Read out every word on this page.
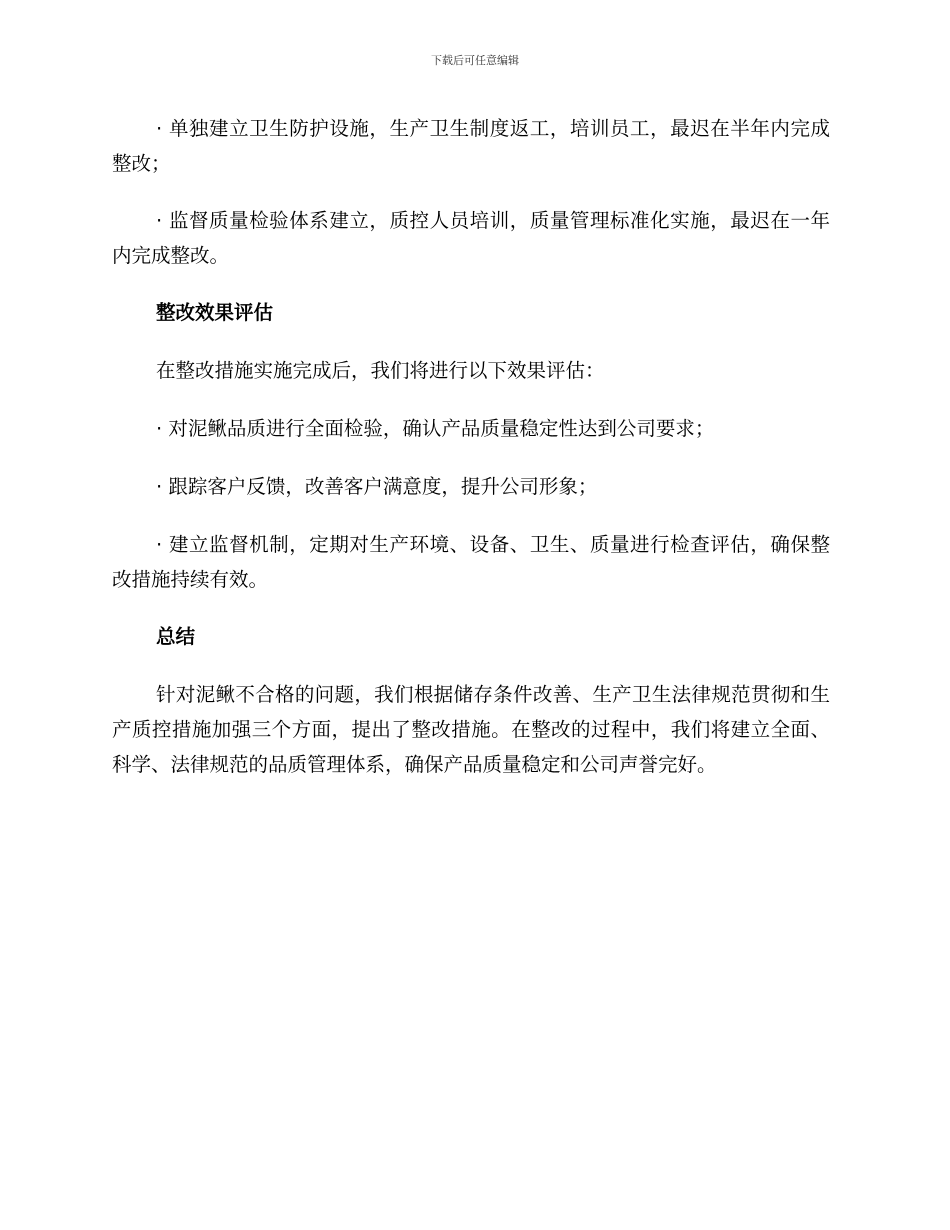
下载后可任意编辑

· 单独建立卫生防护设施，生产卫生制度返工，培训员工，最迟在半年内完成整改；

· 监督质量检验体系建立，质控人员培训，质量管理标准化实施，最迟在一年内完成整改。

整改效果评估

在整改措施实施完成后，我们将进行以下效果评估：

· 对泥鳅品质进行全面检验，确认产品质量稳定性达到公司要求；

· 跟踪客户反馈，改善客户满意度，提升公司形象；

· 建立监督机制，定期对生产环境、设备、卫生、质量进行检查评估，确保整改措施持续有效。

总结

针对泥鳅不合格的问题，我们根据储存条件改善、生产卫生法律规范贯彻和生产质控措施加强三个方面，提出了整改措施。在整改的过程中，我们将建立全面、科学、法律规范的品质管理体系，确保产品质量稳定和公司声誉完好。
